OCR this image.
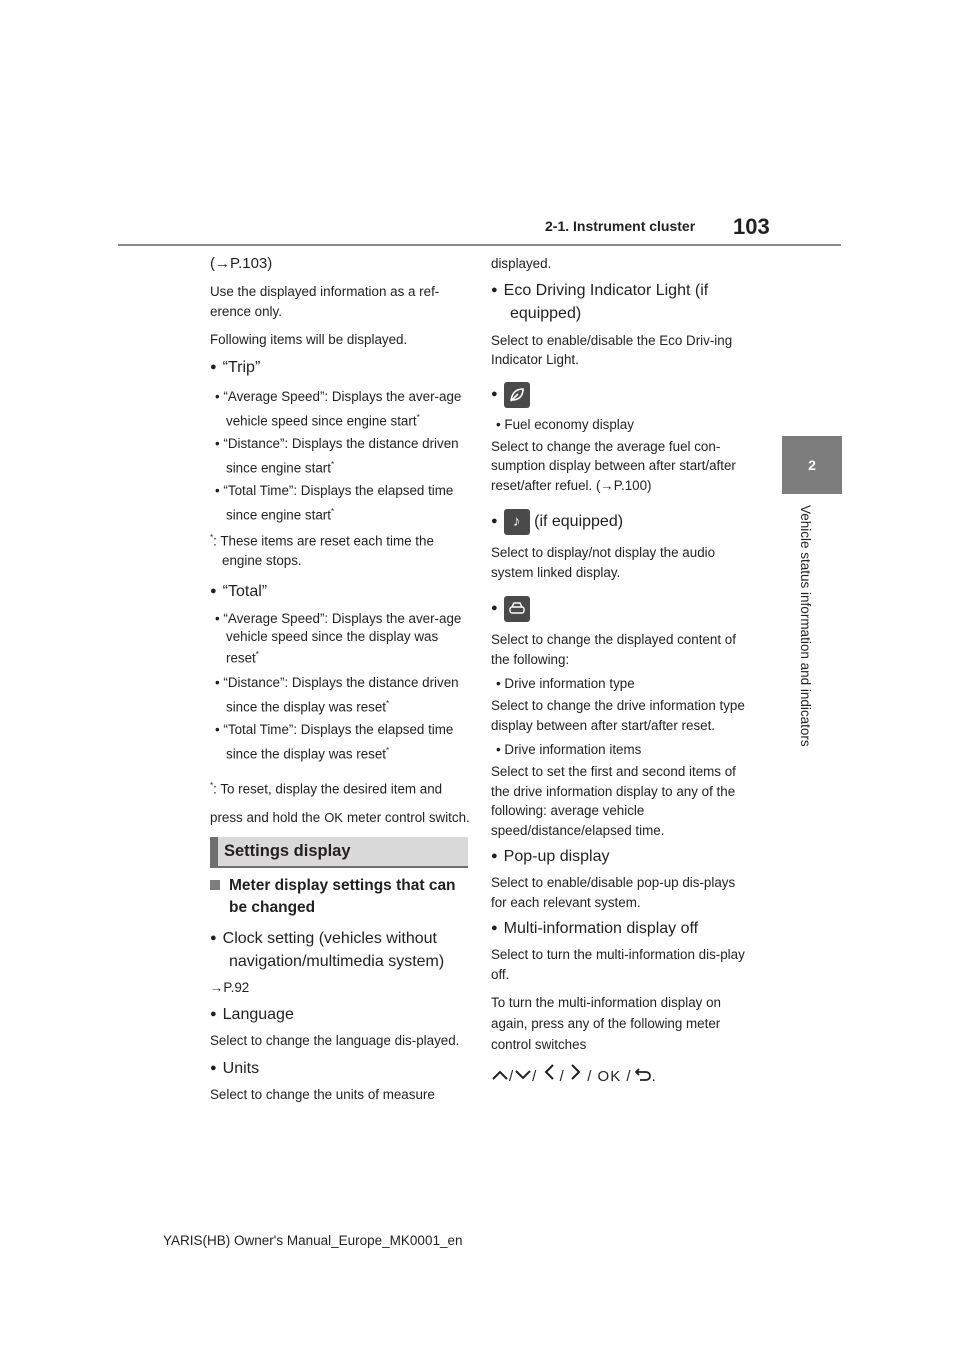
2-1. Instrument cluster 103
2
Vehicle status information and indicators

(→P.103)

Use the displayed information as a ref-erence only.

Following items will be displayed.

● “Trip”

• “Average Speed”: Displays the aver-age vehicle speed since engine start*

• “Distance”: Displays the distance driven since engine start*

• “Total Time”: Displays the elapsed time since engine start*

*: These items are reset each time the engine stops.

● “Total”

• “Average Speed”: Displays the aver-age vehicle speed since the display was reset*

• “Distance”: Displays the distance driven since the display was reset*

• “Total Time”: Displays the elapsed time since the display was reset*

*: To reset, display the desired item and press and hold the OK meter control switch.

Settings display

Meter display settings that can be changed

● Clock setting (vehicles without navigation/multimedia system)

→P.92

● Language

Select to change the language dis-played.

● Units

Select to change the units of measure

displayed.

● Eco Driving Indicator Light (if equipped)

Select to enable/disable the Eco Driv-ing Indicator Light.

●

• Fuel economy display

Select to change the average fuel con-sumption display between after start/after reset/after refuel. (→P.100)

● ♪ (if equipped)

Select to display/not display the audio system linked display.

●

Select to change the displayed content of the following:

• Drive information type

Select to change the drive information type display between after start/after reset.

• Drive information items

Select to set the first and second items of the drive information display to any of the following: average vehicle speed/distance/elapsed time.

● Pop-up display

Select to enable/disable pop-up dis-plays for each relevant system.

● Multi-information display off

Select to turn the multi-information dis-play off.

To turn the multi-information display on again, press any of the following meter control switches

/ /  /  / OK / .

YARIS(HB) Owner's Manual_Europe_MK0001_en
